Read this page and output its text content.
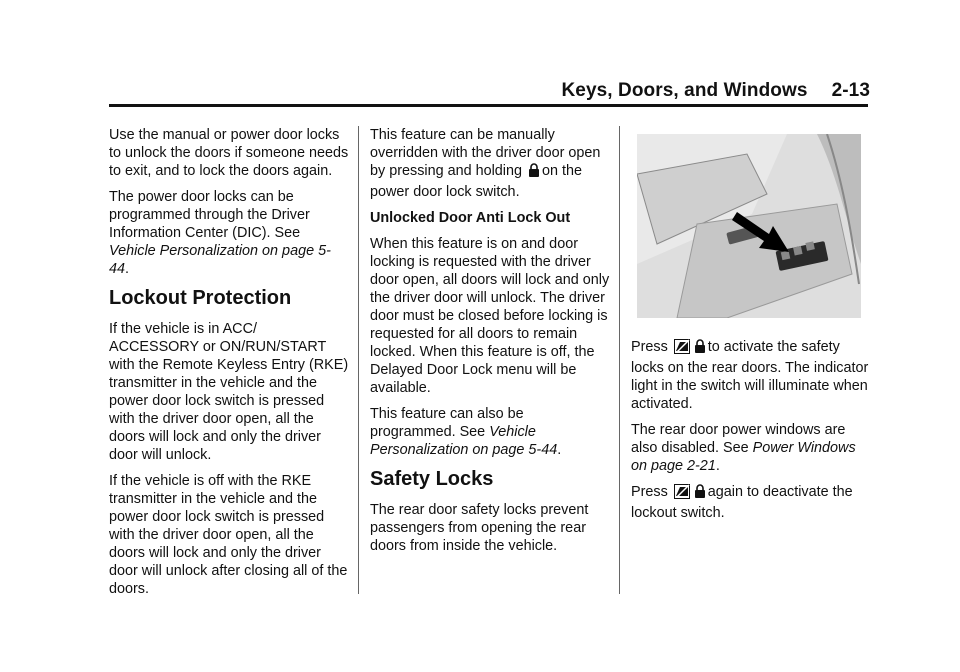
Keys, Doors, and Windows 2-13

Use the manual or power door locks to unlock the doors if someone needs to exit, and to lock the doors again.

The power door locks can be programmed through the Driver Information Center (DIC). See Vehicle Personalization on page 5-44.

Lockout Protection

If the vehicle is in ACC/ ACCESSORY or ON/RUN/START with the Remote Keyless Entry (RKE) transmitter in the vehicle and the power door lock switch is pressed with the driver door open, all the doors will lock and only the driver door will unlock.

If the vehicle is off with the RKE transmitter in the vehicle and the power door lock switch is pressed with the driver door open, all the doors will lock and only the driver door will unlock after closing all of the doors.

This feature can be manually overridden with the driver door open by pressing and holding on the power door lock switch.

Unlocked Door Anti Lock Out

When this feature is on and door locking is requested with the driver door open, all doors will lock and only the driver door will unlock. The driver door must be closed before locking is requested for all doors to remain locked. When this feature is off, the Delayed Door Lock menu will be available.

This feature can also be programmed. See Vehicle Personalization on page 5-44.

Safety Locks

The rear door safety locks prevent passengers from opening the rear doors from inside the vehicle.

Press	to activate the safety locks on the rear doors. The indicator light in the switch will illuminate when activated.

The rear door power windows are also disabled. See Power Windows on page 2-21.

Press	again to deactivate the lockout switch.
